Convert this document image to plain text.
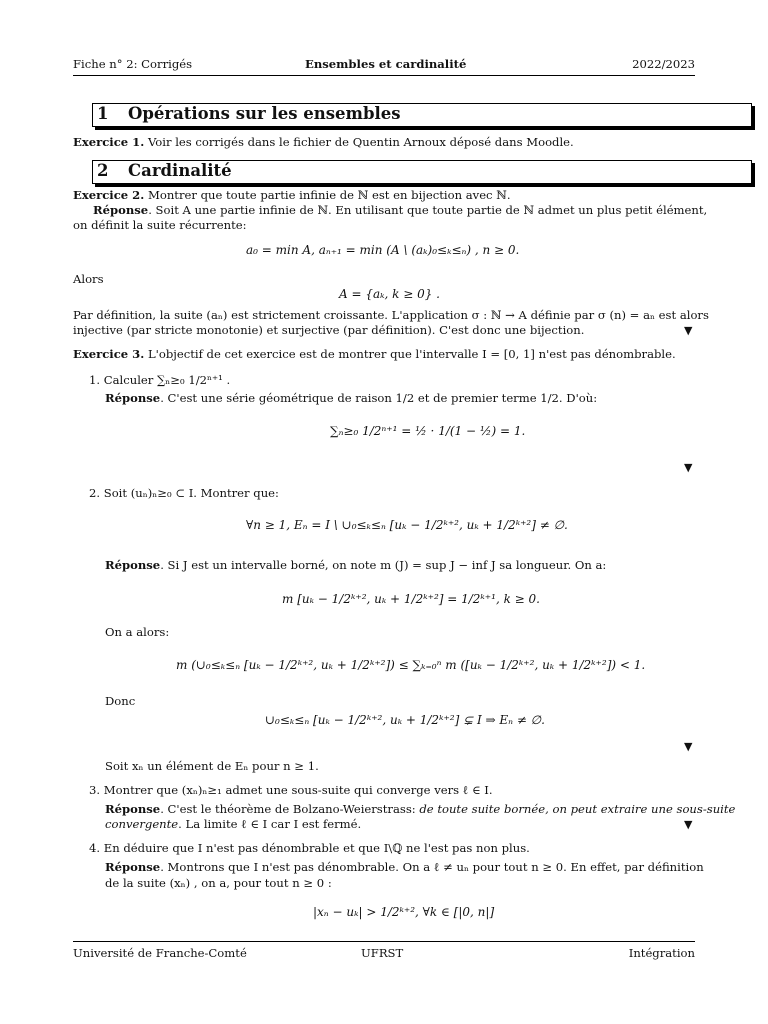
Fiche n° 2: Corrigés	Ensembles et cardinalité	2022/2023
1 Opérations sur les ensembles
Exercice 1. Voir les corrigés dans le fichier de Quentin Arnoux déposé dans Moodle.
2 Cardinalité
Exercice 2. Montrer que toute partie infinie de ℕ est en bijection avec ℕ.
Réponse. Soit A une partie infinie de ℕ. En utilisant que toute partie de ℕ admet un plus petit élément,
on définit la suite récurrente:
a₀ = min A, aₙ₊₁ = min (A \ (aₖ)₀≤ₖ≤ₙ) , n ≥ 0.
Alors
A = {aₖ, k ≥ 0} .
Par définition, la suite (aₙ) est strictement croissante. L'application σ : ℕ → A définie par σ (n) = aₙ est alors
injective (par stricte monotonie) et surjective (par définition). C'est donc une bijection.	▼
Exercice 3. L'objectif de cet exercice est de montrer que l'intervalle I = [0, 1] n'est pas dénombrable.
1. Calculer ∑ₙ≥₀ 1/2ⁿ⁺¹ .
Réponse. C'est une série géométrique de raison 1/2 et de premier terme 1/2. D'où:
∑ₙ≥₀ 1/2ⁿ⁺¹ = ½ · 1/(1 − ½) = 1.
▼
2. Soit (uₙ)ₙ≥₀ ⊂ I. Montrer que:
∀n ≥ 1, Eₙ = I \ ∪₀≤ₖ≤ₙ [uₖ − 1/2ᵏ⁺², uₖ + 1/2ᵏ⁺²] ≠ ∅.
Réponse. Si J est un intervalle borné, on note m (J) = sup J − inf J sa longueur. On a:
m [uₖ − 1/2ᵏ⁺², uₖ + 1/2ᵏ⁺²] = 1/2ᵏ⁺¹, k ≥ 0.
On a alors:
m (∪₀≤ₖ≤ₙ [uₖ − 1/2ᵏ⁺², uₖ + 1/2ᵏ⁺²]) ≤ ∑ₖ₌₀ⁿ m ([uₖ − 1/2ᵏ⁺², uₖ + 1/2ᵏ⁺²]) < 1.
Donc
∪₀≤ₖ≤ₙ [uₖ − 1/2ᵏ⁺², uₖ + 1/2ᵏ⁺²] ⊊ I ⇒ Eₙ ≠ ∅.
▼
Soit xₙ un élément de Eₙ pour n ≥ 1.
3. Montrer que (xₙ)ₙ≥₁ admet une sous-suite qui converge vers ℓ ∈ I.
Réponse. C'est le théorème de Bolzano-Weierstrass: de toute suite bornée, on peut extraire une sous-suite
convergente. La limite ℓ ∈ I car I est fermé.	▼
4. En déduire que I n'est pas dénombrable et que I\ℚ ne l'est pas non plus.
Réponse. Montrons que I n'est pas dénombrable. On a ℓ ≠ uₙ pour tout n ≥ 0. En effet, par définition
de la suite (xₙ) , on a, pour tout n ≥ 0 :
|xₙ − uₖ| > 1/2ᵏ⁺², ∀k ∈ [|0, n|]
Université de Franche-Comté	UFRST	Intégration
